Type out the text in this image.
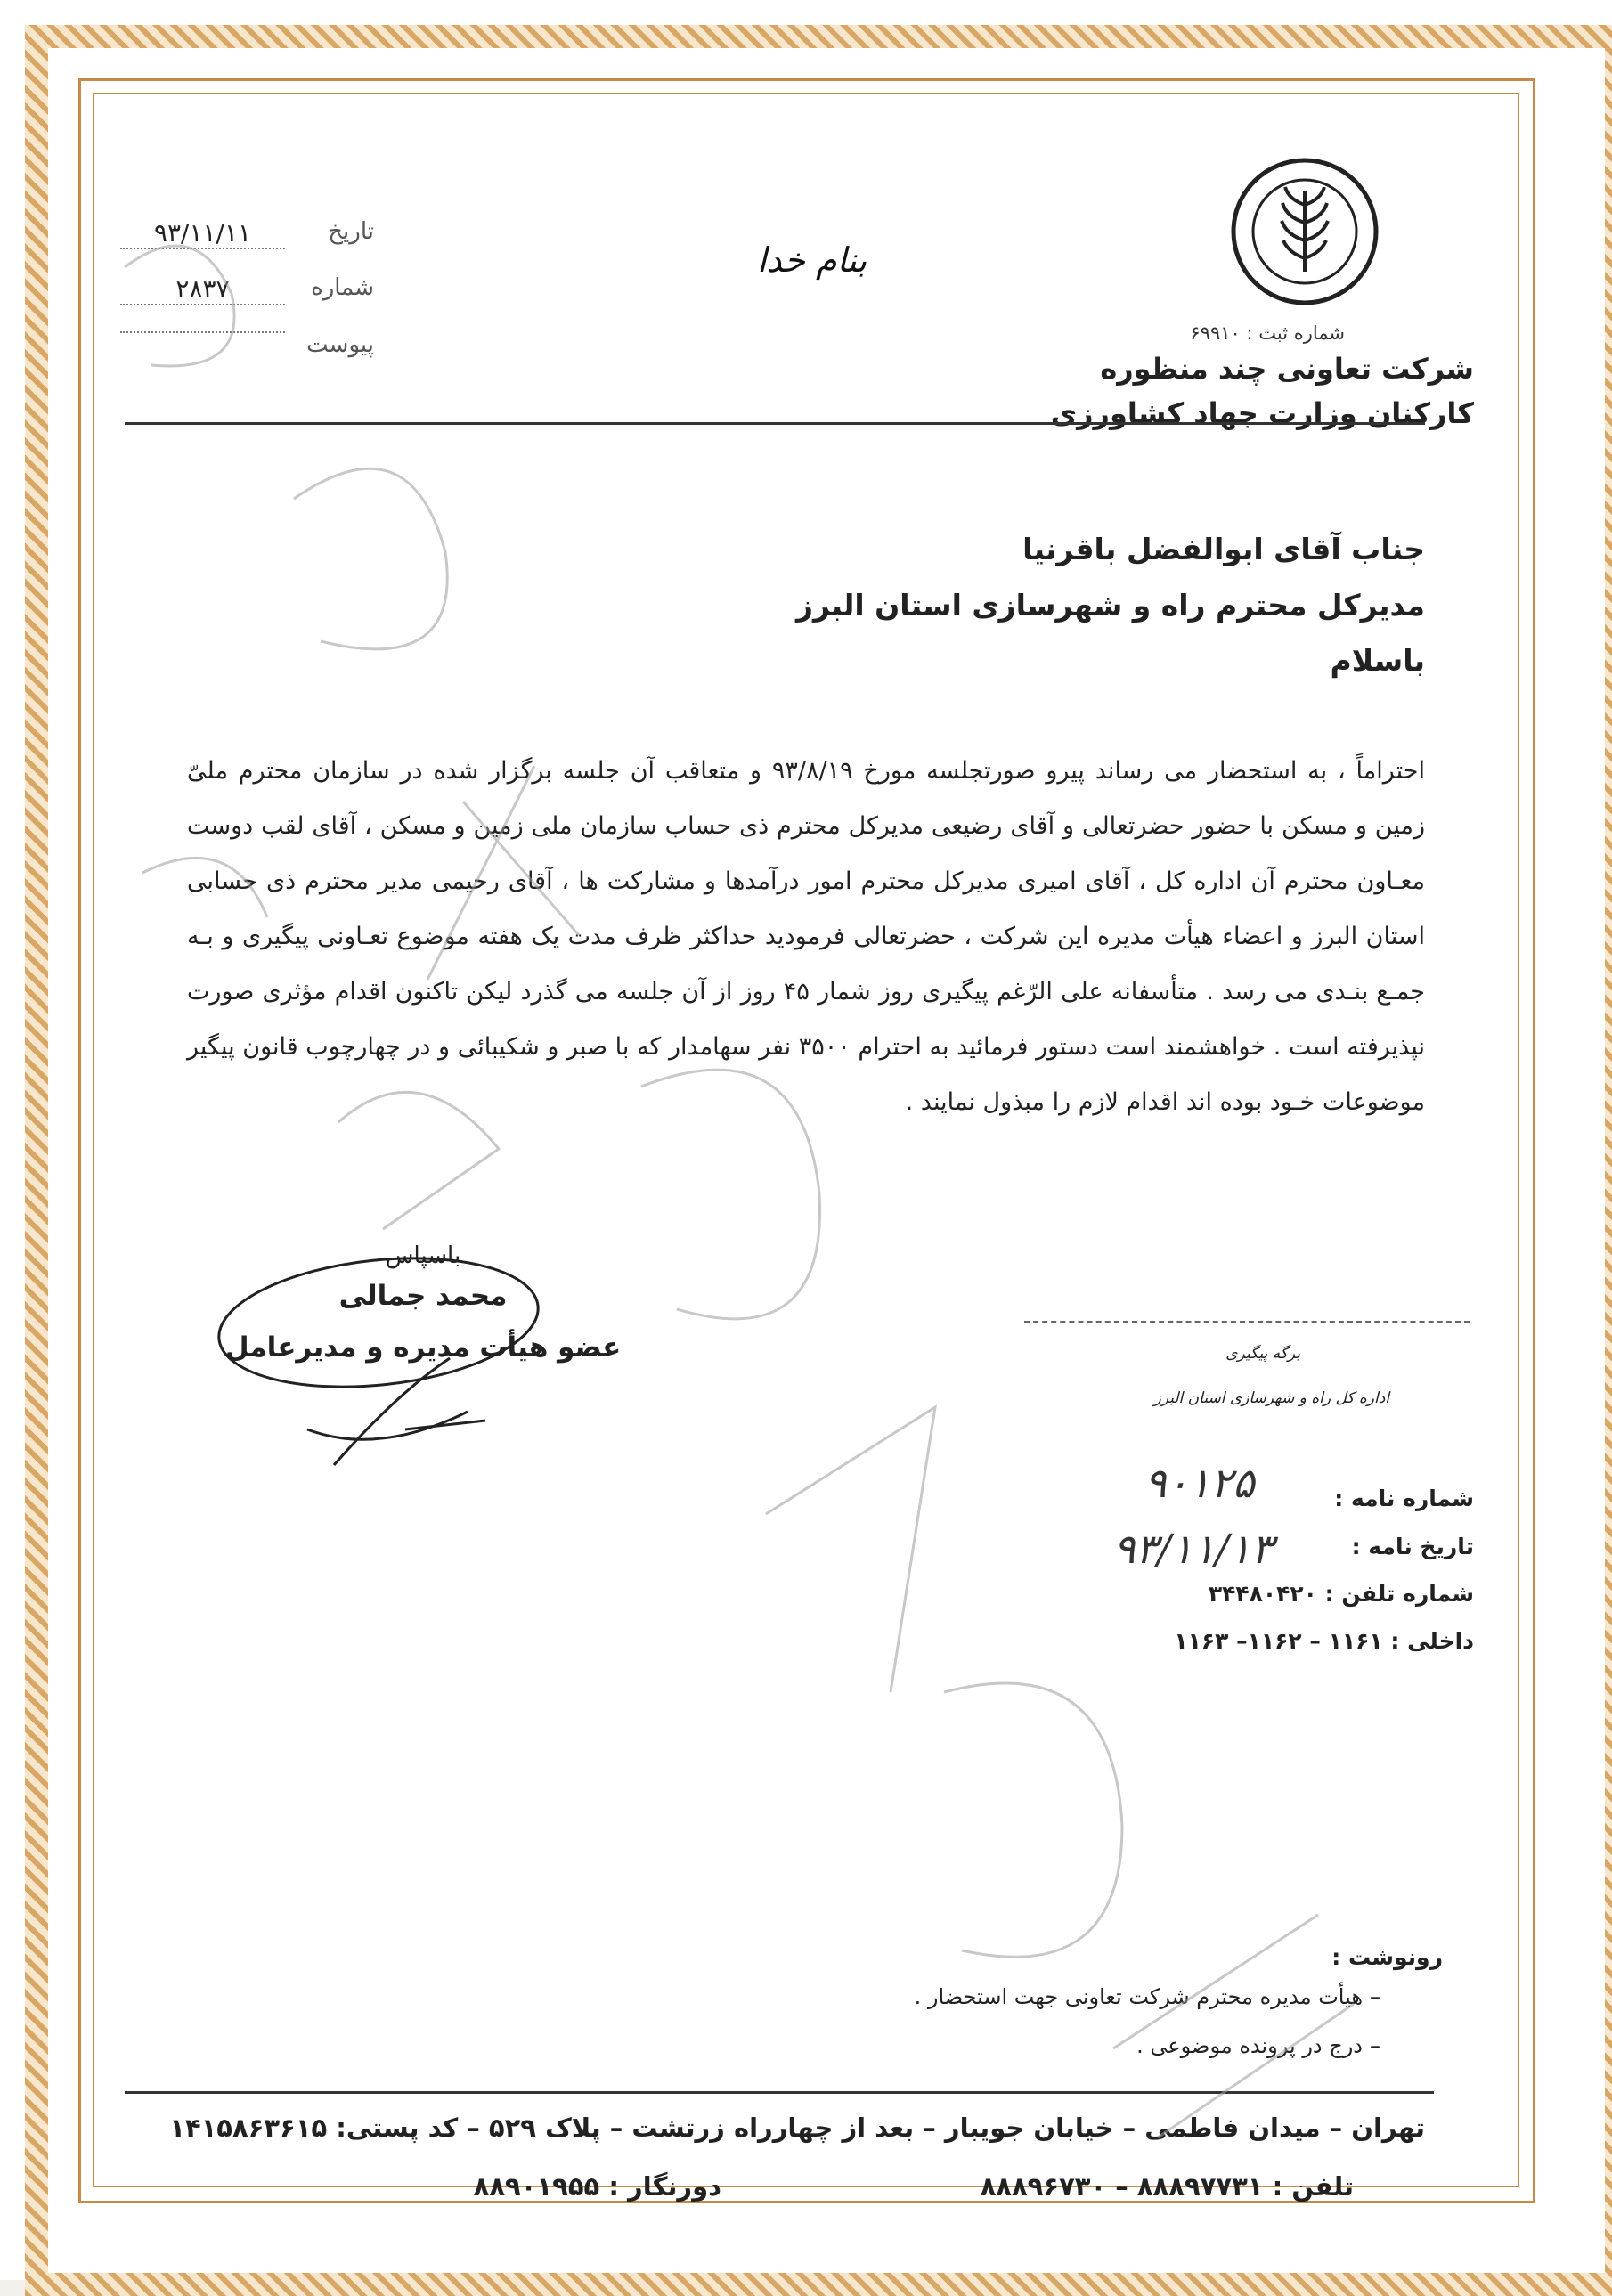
شماره ثبت : ۶۹۹۱۰
شرکت تعاونی چند منظوره
کارکنان وزارت جهاد کشاورزی
بنام خدا
تاریخ
۹۳/۱۱/۱۱
شماره
۲۸۳۷
پیوست
جناب آقای ابوالفضل باقرنیا
مدیرکل محترم راه و شهرسازی استان البرز
باسلام

احتراماً ، به استحضار می رساند پیرو صورتجلسه مورخ ۹۳/۸/۱۹ و متعاقب آن جلسه برگزار شده در سازمان محترم ملیّ زمین و مسکن با حضور حضرتعالی و آقای رضیعی مدیرکل محترم ذی حساب سازمان ملی زمین و مسکن ، آقای لقب دوست معـاون محترم آن اداره کل ، آقای امیری مدیرکل محترم امور درآمدها و مشارکت ها ، آقای رحیمی مدیر محترم ذی حسابی استان البرز و اعضاء هیأت مدیره این شرکت ، حضرتعالی فرمودید حداکثر ظرف مدت یک هفته موضوع تعـاونی پیگیری و بـه جمـع بنـدی می رسد . متأسفانه علی الرّغم پیگیری روز شمار ۴۵ روز از آن جلسه می گذرد لیکن تاکنون اقدام مؤثری صورت نپذیرفته است . خواهشمند است دستور فرمائید به احترام ۳۵۰۰ نفر سهامدار که با صبر و شکیبائی و در چهارچوب قانون پیگیر موضوعات خـود بوده اند اقدام لازم را مبذول نمایند .

باسپاس
محمد جمالی
عضو هیأت مدیره و مدیرعامل	برگه پیگیری
اداره کل راه و شهرسازی استان البرز
شماره نامه :
تاریخ نامه :
شماره تلفن : ۳۴۴۸۰۴۲۰
داخلی : ۱۱۶۱ – ۱۱۶۲– ۱۱۶۳
۹۰۱۲۵
۹۳/۱۱/۱۳
رونوشت :
–
هیأت مدیره محترم شرکت تعاونی جهت استحضار .
–
درج در پرونده موضوعی .
تهران – میدان فاطمی – خیابان جویبار – بعد از چهارراه زرتشت – پلاک ۵۲۹ – کد پستی: ۱۴۱۵۸۶۳۶۱۵
تلفن : ۸۸۸۹۷۷۳۱ – ۸۸۸۹۶۷۳۰
دورنگار : ۸۸۹۰۱۹۵۵
